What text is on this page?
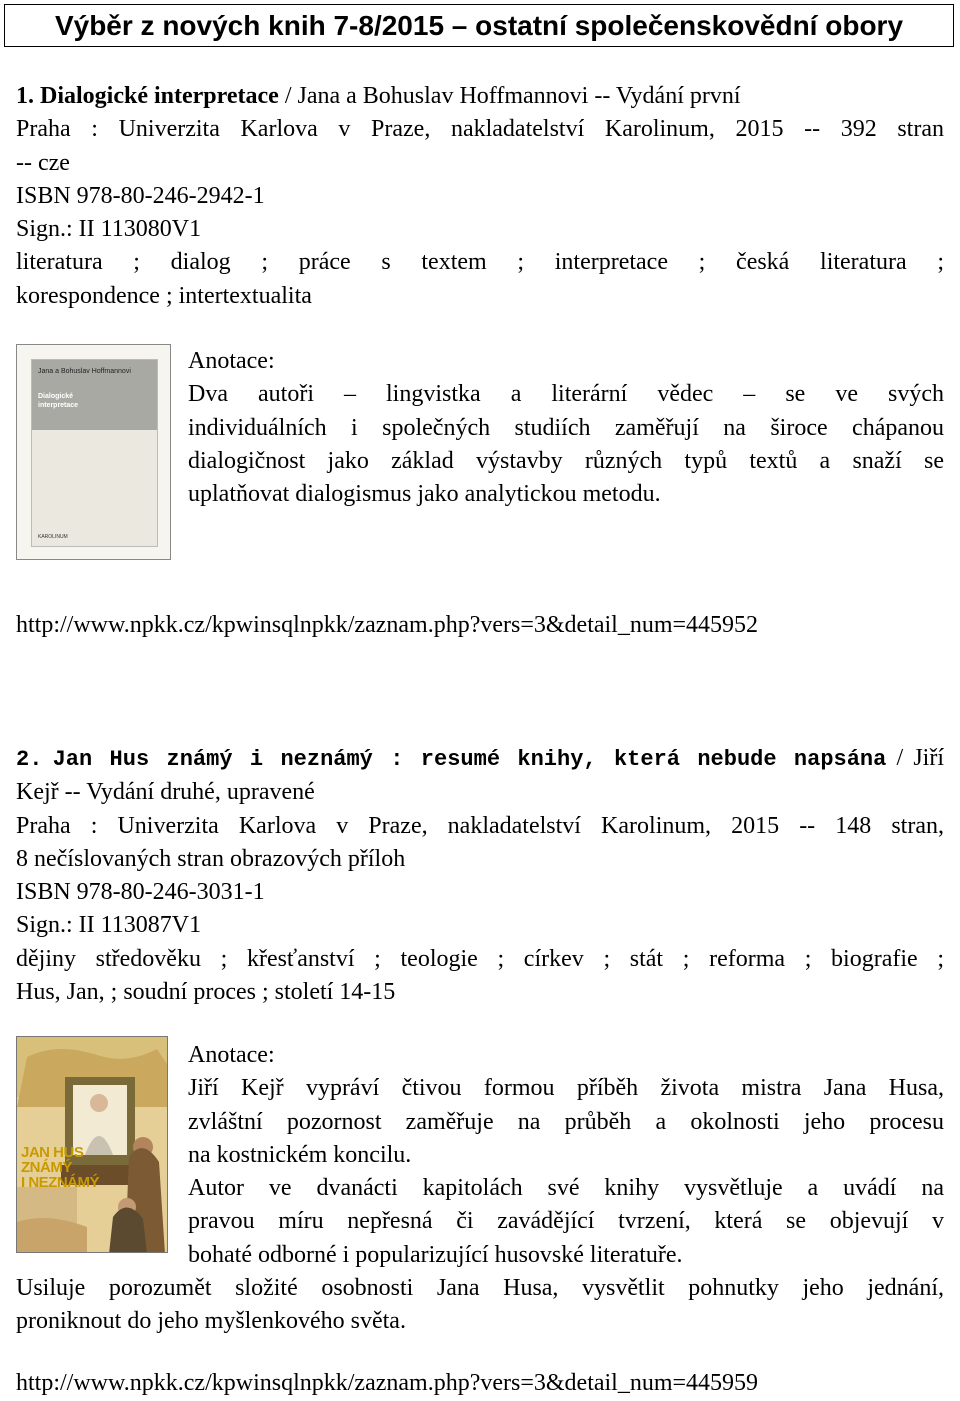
Výběr z nových knih 7-8/2015 – ostatní společenskovědní obory

1. Dialogické interpretace / Jana a Bohuslav Hoffmannovi -- Vydání první

Praha : Univerzita Karlova v Praze, nakladatelství Karolinum, 2015 -- 392 stran

-- cze

ISBN 978-80-246-2942-1

Sign.: II 113080V1

literatura ; dialog ; práce s textem ; interpretace ; česká literatura ;

korespondence ; intertextualita

Jana a Bohuslav Hoffmannovi
Dialogické
interpretace
KAROLINUM

Anotace:

Dva autoři – lingvistka a literární vědec – se ve svých

individuálních i společných studiích zaměřují na široce chápanou

dialogičnost jako základ výstavby různých typů textů a snaží se

uplatňovat dialogismus jako analytickou metodu.

http://www.npkk.cz/kpwinsqlnpkk/zaznam.php?vers=3&detail_num=445952

2. Jan Hus známý i neznámý : resumé knihy, která nebude napsána / Jiří

Kejř -- Vydání druhé, upravené

Praha : Univerzita Karlova v Praze, nakladatelství Karolinum, 2015 -- 148 stran,

8 nečíslovaných stran obrazových příloh

ISBN 978-80-246-3031-1

Sign.: II 113087V1

dějiny středověku ; křesťanství ; teologie ; církev ; stát ; reforma ; biografie ;

Hus, Jan, ; soudní proces ; století 14-15

JAN HUS
ZNÁMÝ
I NEZNÁMÝ

Anotace:

Jiří Kejř vypráví čtivou formou příběh života mistra Jana Husa,

zvláštní pozornost zaměřuje na průběh a okolnosti jeho procesu

na kostnickém koncilu.

Autor ve dvanácti kapitolách své knihy vysvětluje a uvádí na

pravou míru nepřesná či zavádějící tvrzení, která se objevují v

bohaté odborné i popularizující husovské literatuře.

Usiluje porozumět složité osobnosti Jana Husa, vysvětlit pohnutky jeho jednání,

proniknout do jeho myšlenkového světa.

http://www.npkk.cz/kpwinsqlnpkk/zaznam.php?vers=3&detail_num=445959
